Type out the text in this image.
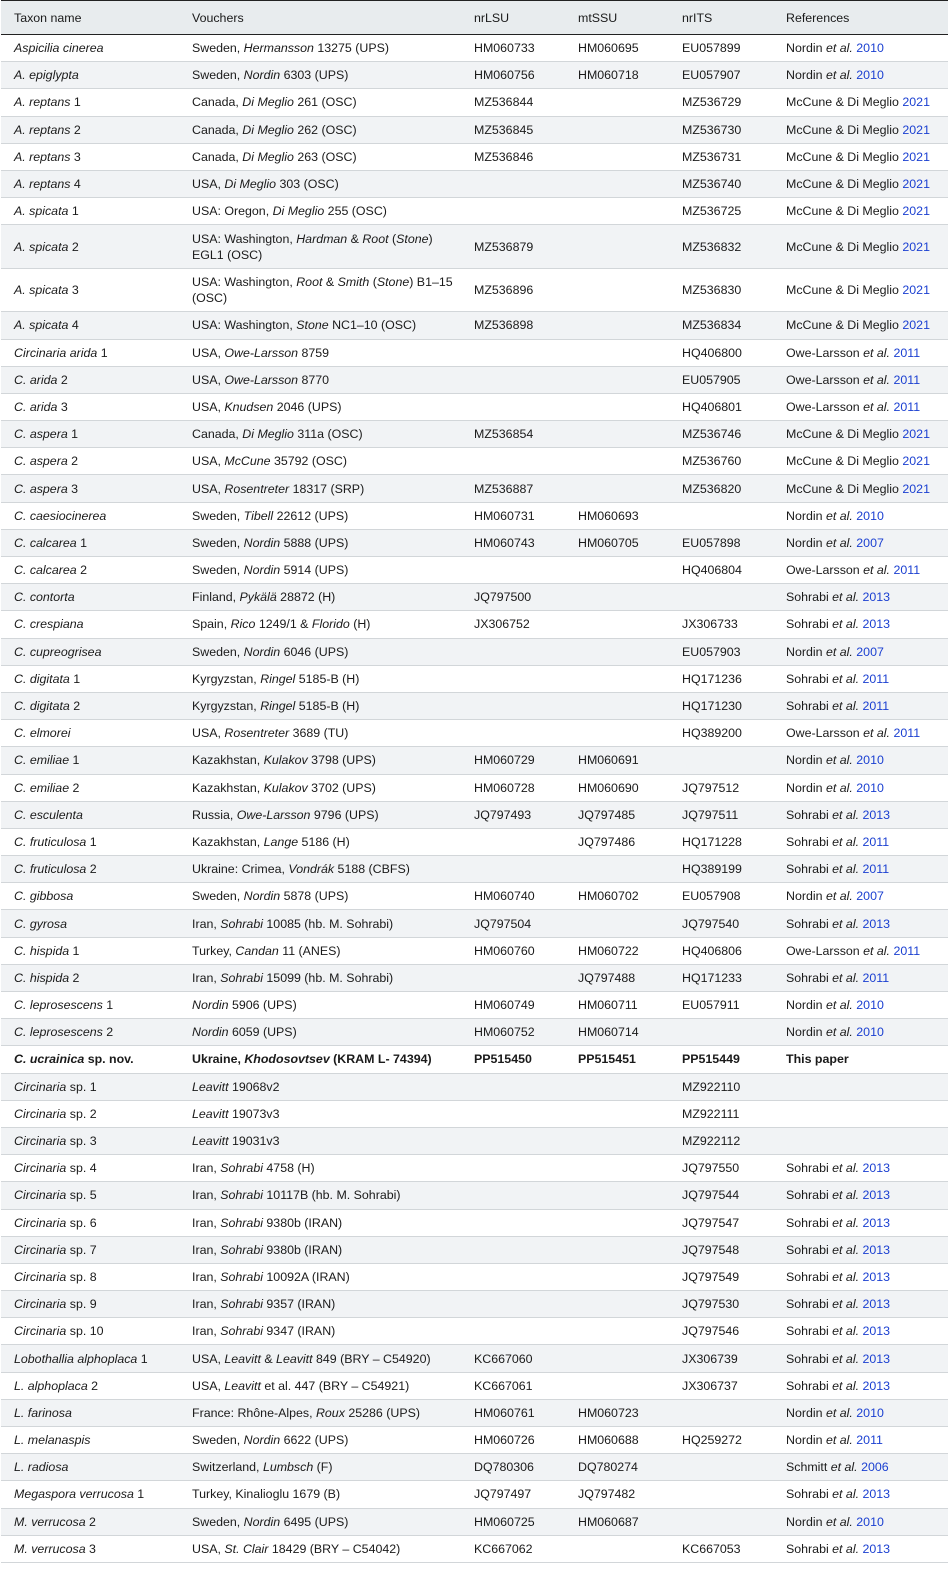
Taxon name	Vouchers	nrLSU	mtSSU	nrITS	References
Aspicilia cinerea	Sweden, Hermansson 13275 (UPS)	HM060733	HM060695	EU057899	Nordin et al. 2010
A. epiglypta	Sweden, Nordin 6303 (UPS)	HM060756	HM060718	EU057907	Nordin et al. 2010
A. reptans 1	Canada, Di Meglio 261 (OSC)	MZ536844		MZ536729	McCune & Di Meglio 2021
A. reptans 2	Canada, Di Meglio 262 (OSC)	MZ536845		MZ536730	McCune & Di Meglio 2021
A. reptans 3	Canada, Di Meglio 263 (OSC)	MZ536846		MZ536731	McCune & Di Meglio 2021
A. reptans 4	USA, Di Meglio 303 (OSC)			MZ536740	McCune & Di Meglio 2021
A. spicata 1	USA: Oregon, Di Meglio 255 (OSC)			MZ536725	McCune & Di Meglio 2021
A. spicata 2	USA: Washington, Hardman & Root (Stone) EGL1 (OSC)	MZ536879		MZ536832	McCune & Di Meglio 2021
A. spicata 3	USA: Washington, Root & Smith (Stone) B1–15 (OSC)	MZ536896		MZ536830	McCune & Di Meglio 2021
A. spicata 4	USA: Washington, Stone NC1–10 (OSC)	MZ536898		MZ536834	McCune & Di Meglio 2021
Circinaria arida 1	USA, Owe-Larsson 8759			HQ406800	Owe-Larsson et al. 2011
C. arida 2	USA, Owe-Larsson 8770			EU057905	Owe-Larsson et al. 2011
C. arida 3	USA, Knudsen 2046 (UPS)			HQ406801	Owe-Larsson et al. 2011
C. aspera 1	Canada, Di Meglio 311a (OSC)	MZ536854		MZ536746	McCune & Di Meglio 2021
C. aspera 2	USA, McCune 35792 (OSC)			MZ536760	McCune & Di Meglio 2021
C. aspera 3	USA, Rosentreter 18317 (SRP)	MZ536887		MZ536820	McCune & Di Meglio 2021
C. caesiocinerea	Sweden, Tibell 22612 (UPS)	HM060731	HM060693		Nordin et al. 2010
C. calcarea 1	Sweden, Nordin 5888 (UPS)	HM060743	HM060705	EU057898	Nordin et al. 2007
C. calcarea 2	Sweden, Nordin 5914 (UPS)			HQ406804	Owe-Larsson et al. 2011
C. contorta	Finland, Pykälä 28872 (H)	JQ797500			Sohrabi et al. 2013
C. crespiana	Spain, Rico 1249/1 & Florido (H)	JX306752		JX306733	Sohrabi et al. 2013
C. cupreogrisea	Sweden, Nordin 6046 (UPS)			EU057903	Nordin et al. 2007
C. digitata 1	Kyrgyzstan, Ringel 5185-B (H)			HQ171236	Sohrabi et al. 2011
C. digitata 2	Kyrgyzstan, Ringel 5185-B (H)			HQ171230	Sohrabi et al. 2011
C. elmorei	USA, Rosentreter 3689 (TU)			HQ389200	Owe-Larsson et al. 2011
C. emiliae 1	Kazakhstan, Kulakov 3798 (UPS)	HM060729	HM060691		Nordin et al. 2010
C. emiliae 2	Kazakhstan, Kulakov 3702 (UPS)	HM060728	HM060690	JQ797512	Nordin et al. 2010
C. esculenta	Russia, Owe-Larsson 9796 (UPS)	JQ797493	JQ797485	JQ797511	Sohrabi et al. 2013
C. fruticulosa 1	Kazakhstan, Lange 5186 (H)		JQ797486	HQ171228	Sohrabi et al. 2011
C. fruticulosa 2	Ukraine: Crimea, Vondrák 5188 (CBFS)			HQ389199	Sohrabi et al. 2011
C. gibbosa	Sweden, Nordin 5878 (UPS)	HM060740	HM060702	EU057908	Nordin et al. 2007
C. gyrosa	Iran, Sohrabi 10085 (hb. M. Sohrabi)	JQ797504		JQ797540	Sohrabi et al. 2013
C. hispida 1	Turkey, Candan 11 (ANES)	HM060760	HM060722	HQ406806	Owe-Larsson et al. 2011
C. hispida 2	Iran, Sohrabi 15099 (hb. M. Sohrabi)		JQ797488	HQ171233	Sohrabi et al. 2011
C. leprosescens 1	Nordin 5906 (UPS)	HM060749	HM060711	EU057911	Nordin et al. 2010
C. leprosescens 2	Nordin 6059 (UPS)	HM060752	HM060714		Nordin et al. 2010
C. ucrainica sp. nov.	Ukraine, Khodosovtsev (KRAM L- 74394)	PP515450	PP515451	PP515449	This paper
Circinaria sp. 1	Leavitt 19068v2			MZ922110	
Circinaria sp. 2	Leavitt 19073v3			MZ922111	
Circinaria sp. 3	Leavitt 19031v3			MZ922112	
Circinaria sp. 4	Iran, Sohrabi 4758 (H)			JQ797550	Sohrabi et al. 2013
Circinaria sp. 5	Iran, Sohrabi 10117B (hb. M. Sohrabi)			JQ797544	Sohrabi et al. 2013
Circinaria sp. 6	Iran, Sohrabi 9380b (IRAN)			JQ797547	Sohrabi et al. 2013
Circinaria sp. 7	Iran, Sohrabi 9380b (IRAN)			JQ797548	Sohrabi et al. 2013
Circinaria sp. 8	Iran, Sohrabi 10092A (IRAN)			JQ797549	Sohrabi et al. 2013
Circinaria sp. 9	Iran, Sohrabi 9357 (IRAN)			JQ797530	Sohrabi et al. 2013
Circinaria sp. 10	Iran, Sohrabi 9347 (IRAN)			JQ797546	Sohrabi et al. 2013
Lobothallia alphoplaca 1	USA, Leavitt & Leavitt 849 (BRY – C54920)	KC667060		JX306739	Sohrabi et al. 2013
L. alphoplaca 2	USA, Leavitt et al. 447 (BRY – C54921)	KC667061		JX306737	Sohrabi et al. 2013
L. farinosa	France: Rhône-Alpes, Roux 25286 (UPS)	HM060761	HM060723		Nordin et al. 2010
L. melanaspis	Sweden, Nordin 6622 (UPS)	HM060726	HM060688	HQ259272	Nordin et al. 2011
L. radiosa	Switzerland, Lumbsch (F)	DQ780306	DQ780274		Schmitt et al. 2006
Megaspora verrucosa 1	Turkey, Kinalioglu 1679 (B)	JQ797497	JQ797482		Sohrabi et al. 2013
M. verrucosa 2	Sweden, Nordin 6495 (UPS)	HM060725	HM060687		Nordin et al. 2010
M. verrucosa 3	USA, St. Clair 18429 (BRY – C54042)	KC667062		KC667053	Sohrabi et al. 2013
